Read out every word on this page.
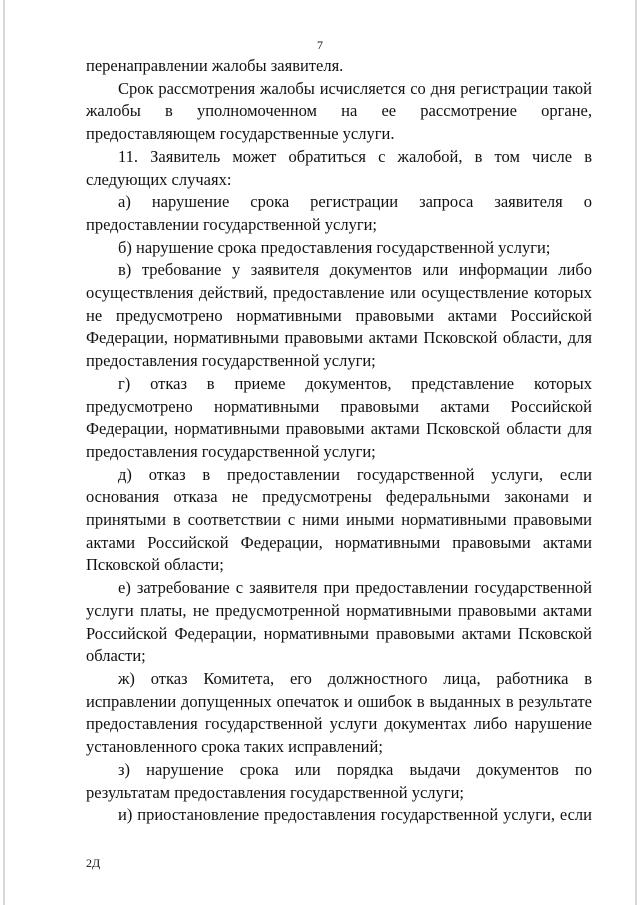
7

перенаправлении жалобы заявителя.

Срок рассмотрения жалобы исчисляется со дня регистрации такой жалобы в уполномоченном на ее рассмотрение органе, предоставляющем государственные услуги.

11. Заявитель может обратиться с жалобой, в том числе в следующих случаях:

а) нарушение срока регистрации запроса заявителя о предоставлении государственной услуги;

б) нарушение срока предоставления государственной услуги;

в) требование у заявителя документов или информации либо осуществления действий, предоставление или осуществление которых не предусмотрено нормативными правовыми актами Российской Федерации, нормативными правовыми актами Псковской области, для предоставления государственной услуги;

г) отказ в приеме документов, представление которых предусмотрено нормативными правовыми актами Российской Федерации, нормативными правовыми актами Псковской области для предоставления государственной услуги;

д) отказ в предоставлении государственной услуги, если основания отказа не предусмотрены федеральными законами и принятыми в соответствии с ними иными нормативными правовыми актами Российской Федерации, нормативными правовыми актами Псковской области;

е) затребование с заявителя при предоставлении государственной услуги платы, не предусмотренной нормативными правовыми актами Российской Федерации, нормативными правовыми актами Псковской области;

ж) отказ Комитета, его должностного лица, работника в исправлении допущенных опечаток и ошибок в выданных в результате предоставления государственной услуги документах либо нарушение установленного срока таких исправлений;

з) нарушение срока или порядка выдачи документов по результатам предоставления государственной услуги;

и) приостановление предоставления государственной услуги, если

2Д
